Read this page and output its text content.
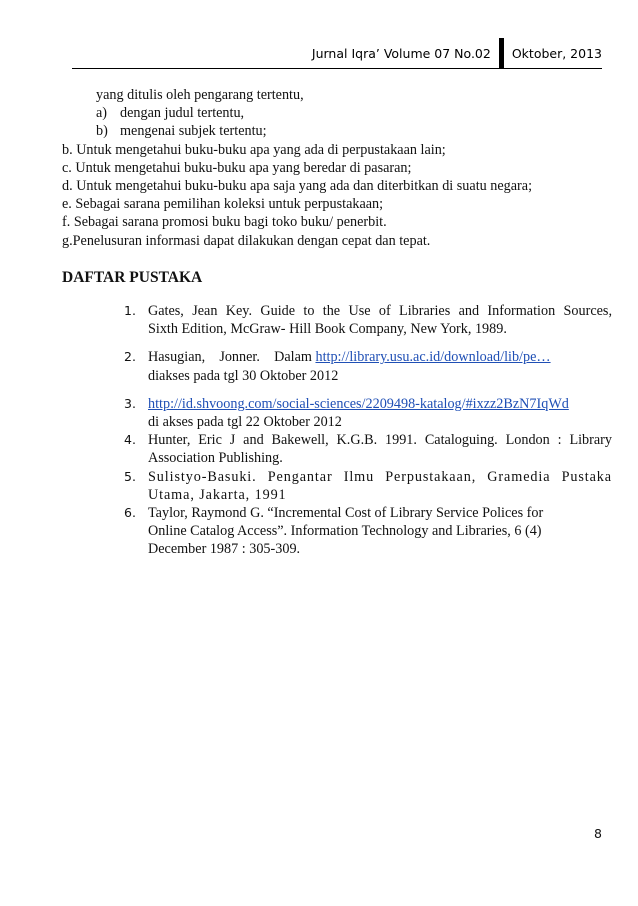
Jurnal Iqra’ Volume 07 No.02	Oktober, 2013
yang ditulis oleh pengarang tertentu,
a) dengan judul tertentu,
b) mengenai subjek tertentu;
b. Untuk mengetahui buku-buku apa yang ada di perpustakaan lain;
c. Untuk mengetahui buku-buku apa yang beredar di pasaran;
d. Untuk mengetahui buku-buku apa saja yang ada dan diterbitkan di suatu negara;
e. Sebagai sarana pemilihan koleksi untuk perpustakaan;
f. Sebagai sarana promosi buku bagi toko buku/ penerbit.
g.Penelusuran informasi dapat dilakukan dengan cepat dan tepat.
DAFTAR PUSTAKA
1. Gates, Jean Key. Guide to the Use of Libraries and Information Sources,
Sixth Edition, McGraw- Hill Book Company, New York, 1989.
2. Hasugian,    Jonner.    Dalam http://library.usu.ac.id/download/lib/pe…
diakses pada tgl 30 Oktober 2012
3. http://id.shvoong.com/social-sciences/2209498-katalog/#ixzz2BzN7IqWd
di akses pada tgl 22 Oktober 2012
4. Hunter, Eric J and Bakewell, K.G.B. 1991. Cataloguing. London : Library
Association Publishing.
5. Sulistyo-Basuki. Pengantar Ilmu Perpustakaan, Gramedia Pustaka
Utama, Jakarta, 1991
6. Taylor, Raymond G. “Incremental Cost of Library Service Polices for
Online Catalog Access”. Information Technology and Libraries, 6 (4)
December 1987 : 305-309.
8
